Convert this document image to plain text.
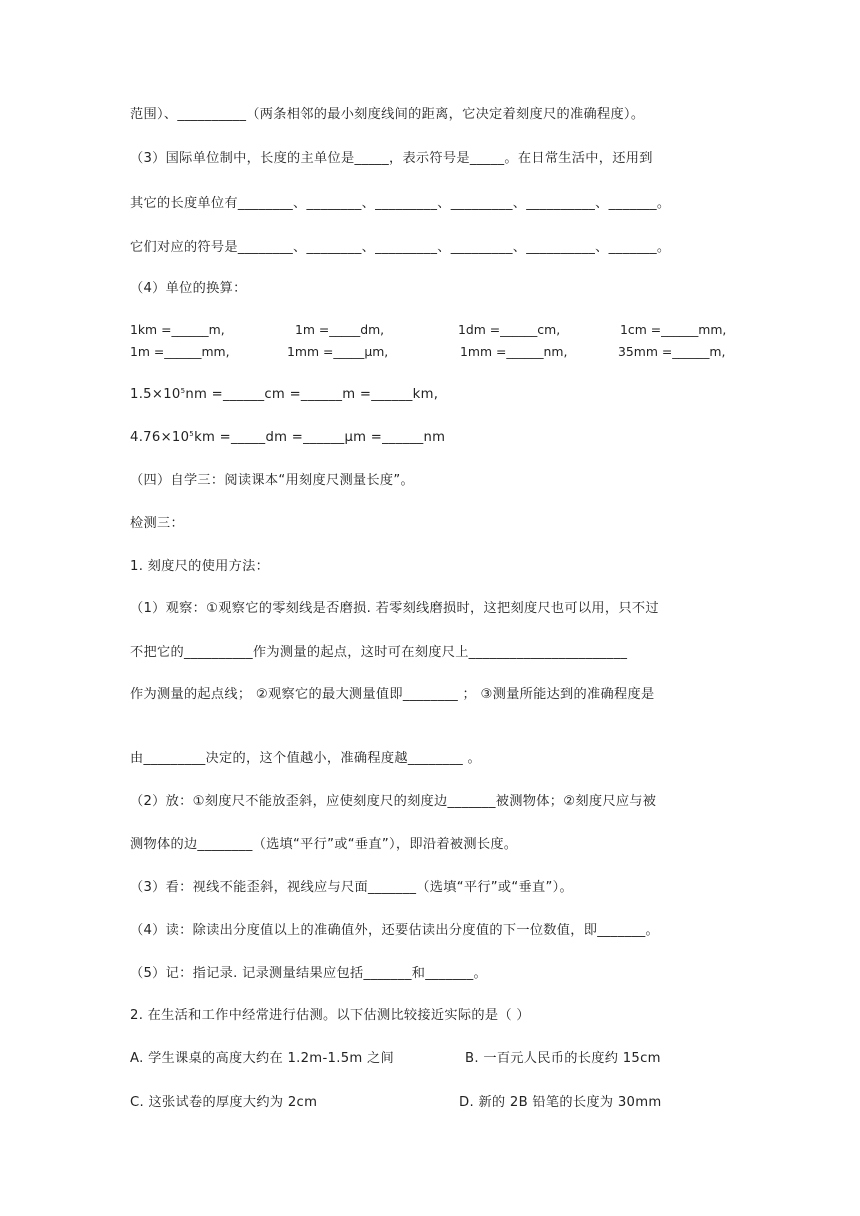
范围）、__________（两条相邻的最小刻度线间的距离，它决定着刻度尺的准确程度）。
（3）国际单位制中，长度的主单位是_____，表示符号是_____。在日常生活中，还用到
其它的长度单位有________、________、_________、_________、__________、_______。
它们对应的符号是________、________、_________、_________、__________、_______。
（4）单位的换算：
1km =______m,	1m =_____dm,	1dm =______cm,	1cm =______mm,
1m =______mm,	1mm =_____μm,	1mm =______nm,	35mm =______m,
$1.5\times 10^5nm$ =______cm =______m =______km,
$4.76\times 10^5km$ =_____dm =______μm =______nm
（四）自学三：阅读课本“用刻度尺测量长度”。
检测三：
1. 刻度尺的使用方法：
（1）观察：①观察它的零刻线是否磨损. 若零刻线磨损时，这把刻度尺也可以用，只不过
不把它的__________作为测量的起点，这时可在刻度尺上_______________________
作为测量的起点线； ②观察它的最大测量值即________ ； ③测量所能达到的准确程度是
由_________决定的，这个值越小，准确程度越________ 。
（2）放：①刻度尺不能放歪斜，应使刻度尺的刻度边_______被测物体；②刻度尺应与被
测物体的边________（选填“平行”或“垂直”），即沿着被测长度。
（3）看：视线不能歪斜，视线应与尺面_______（选填“平行”或“垂直”）。
（4）读：除读出分度值以上的准确值外，还要估读出分度值的下一位数值，即_______。
（5）记：指记录. 记录测量结果应包括_______和_______。
2. 在生活和工作中经常进行估测。以下估测比较接近实际的是（ ）
A. 学生课桌的高度大约在 1.2m-1.5m 之间	B. 一百元人民币的长度约 15cm
C. 这张试卷的厚度大约为 2cm	D. 新的 2B 铅笔的长度为 30mm
